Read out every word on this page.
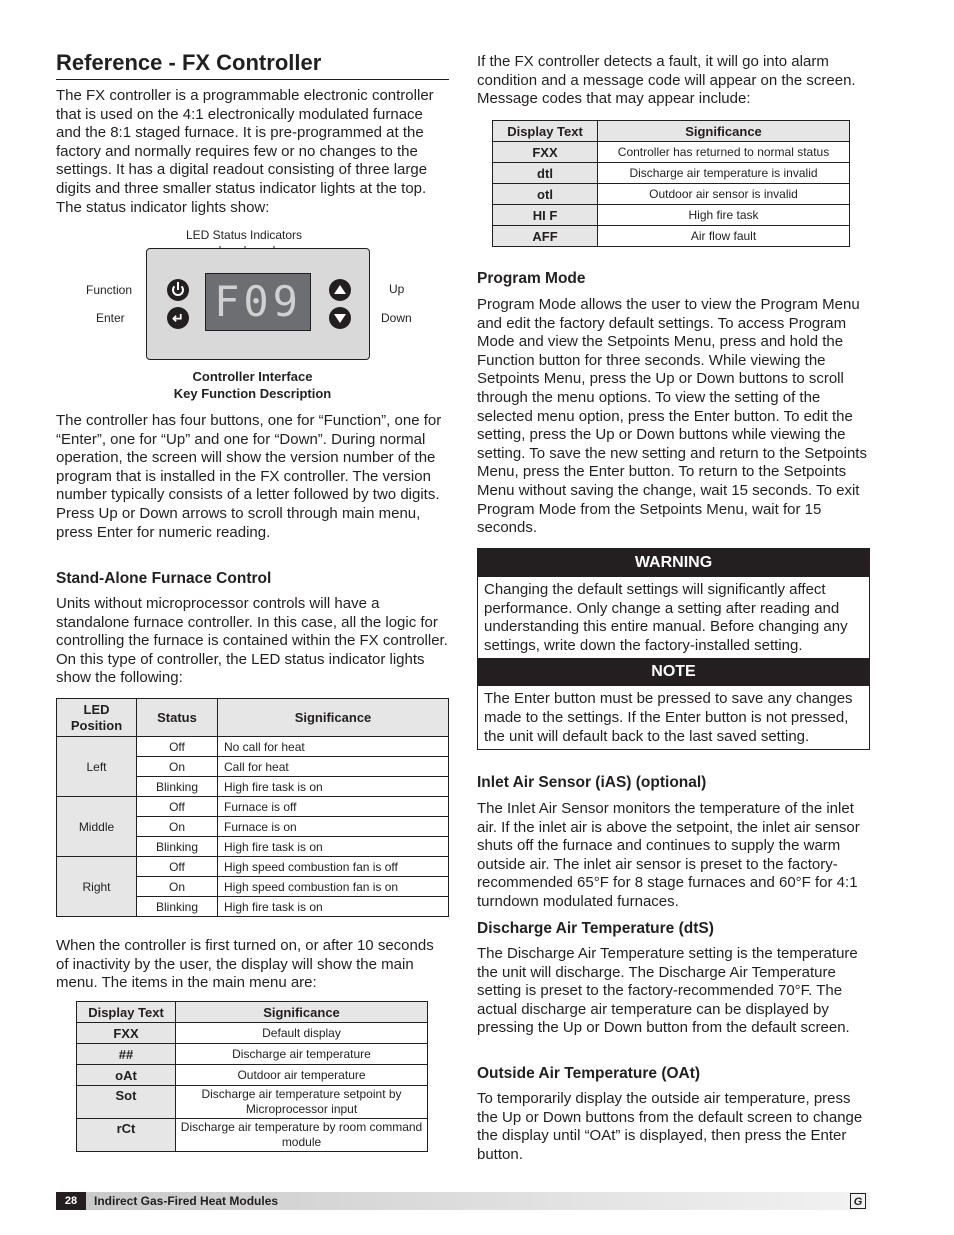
Reference - FX Controller

The FX controller is a programmable electronic controller that is used on the 4:1 electronically modulated furnace and the 8:1 staged furnace. It is pre-programmed at the factory and normally requires few or no changes to the settings. It has a digital readout consisting of three large digits and three smaller status indicator lights at the top. The status indicator lights show:

LED Status Indicators
F09
↵
Function
Enter
Up
Down
Controller Interface
Key Function Description

The controller has four buttons, one for “Function”, one for “Enter”, one for “Up” and one for “Down”. During normal operation, the screen will show the version number of the program that is installed in the FX controller. The version number typically consists of a letter followed by two digits. Press Up or Down arrows to scroll through main menu, press Enter for numeric reading.

Stand-Alone Furnace Control

Units without microprocessor controls will have a standalone furnace controller. In this case, all the logic for controlling the furnace is contained within the FX controller. On this type of controller, the LED status indicator lights show the following:

LED Position	Status	Significance
Left	Off	No call for heat
	On	Call for heat
	Blinking	High fire task is on
Middle	Off	Furnace is off
	On	Furnace is on
	Blinking	High fire task is on
Right	Off	High speed combustion fan is off
	On	High speed combustion fan is on
	Blinking	High fire task is on

When the controller is first turned on, or after 10 seconds of inactivity by the user, the display will show the main menu. The items in the main menu are:

Display Text	Significance
FXX	Default display
##	Discharge air temperature
oAt	Outdoor air temperature
Sot	Discharge air temperature setpoint by Microprocessor input
rCt	Discharge air temperature by room command module

If the FX controller detects a fault, it will go into alarm condition and a message code will appear on the screen. Message codes that may appear include:

Display Text	Significance
FXX	Controller has returned to normal status
dtl	Discharge air temperature is invalid
otl	Outdoor air sensor is invalid
HI F	High fire task
AFF	Air flow fault
Program Mode

Program Mode allows the user to view the Program Menu and edit the factory default settings. To access Program Mode and view the Setpoints Menu, press and hold the Function button for three seconds. While viewing the Setpoints Menu, press the Up or Down buttons to scroll through the menu options. To view the setting of the selected menu option, press the Enter button. To edit the setting, press the Up or Down buttons while viewing the setting. To save the new setting and return to the Setpoints Menu, press the Enter button. To return to the Setpoints Menu without saving the change, wait 15 seconds. To exit Program Mode from the Setpoints Menu, wait for 15 seconds.

WARNING
Changing the default settings will significantly affect performance. Only change a setting after reading and understanding this entire manual. Before changing any settings, write down the factory-installed setting.
NOTE
The Enter button must be pressed to save any changes made to the settings. If the Enter button is not pressed, the unit will default back to the last saved setting.
Inlet Air Sensor (iAS) (optional)

The Inlet Air Sensor monitors the temperature of the inlet air. If the inlet air is above the setpoint, the inlet air sensor shuts off the furnace and continues to supply the warm outside air. The inlet air sensor is preset to the factory-recommended 65°F for 8 stage furnaces and 60°F for 4:1 turndown modulated furnaces.

Discharge Air Temperature (dtS)

The Discharge Air Temperature setting is the temperature the unit will discharge. The Discharge Air Temperature setting is preset to the factory-recommended 70°F. The actual discharge air temperature can be displayed by pressing the Up or Down button from the default screen.

Outside Air Temperature (OAt)

To temporarily display the outside air temperature, press the Up or Down buttons from the default screen to change the display until “OAt” is displayed, then press the Enter button.

28	Indirect Gas-Fired Heat Modules	G
